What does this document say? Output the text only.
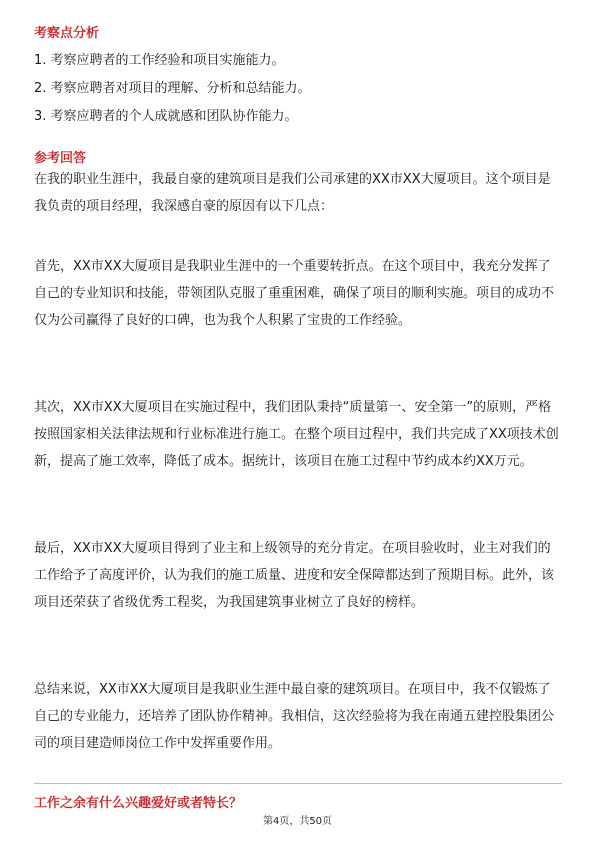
考察点分析
1. 考察应聘者的工作经验和项目实施能力。
2. 考察应聘者对项目的理解、分析和总结能力。
3. 考察应聘者的个人成就感和团队协作能力。
参考回答
在我的职业生涯中，我最自豪的建筑项目是我们公司承建的XX市XX大厦项目。这个项目是我负责的项目经理，我深感自豪的原因有以下几点：
首先，XX市XX大厦项目是我职业生涯中的一个重要转折点。在这个项目中，我充分发挥了自己的专业知识和技能，带领团队克服了重重困难，确保了项目的顺利实施。项目的成功不仅为公司赢得了良好的口碑，也为我个人积累了宝贵的工作经验。
其次，XX市XX大厦项目在实施过程中，我们团队秉持“质量第一、安全第一”的原则，严格按照国家相关法律法规和行业标准进行施工。在整个项目过程中，我们共完成了XX项技术创新，提高了施工效率，降低了成本。据统计，该项目在施工过程中节约成本约XX万元。
最后，XX市XX大厦项目得到了业主和上级领导的充分肯定。在项目验收时，业主对我们的工作给予了高度评价，认为我们的施工质量、进度和安全保障都达到了预期目标。此外，该项目还荣获了省级优秀工程奖，为我国建筑事业树立了良好的榜样。
总结来说，XX市XX大厦项目是我职业生涯中最自豪的建筑项目。在项目中，我不仅锻炼了自己的专业能力，还培养了团队协作精神。我相信，这次经验将为我在南通五建控股集团公司的项目建造师岗位工作中发挥重要作用。
工作之余有什么兴趣爱好或者特长？
第4页，共50页
